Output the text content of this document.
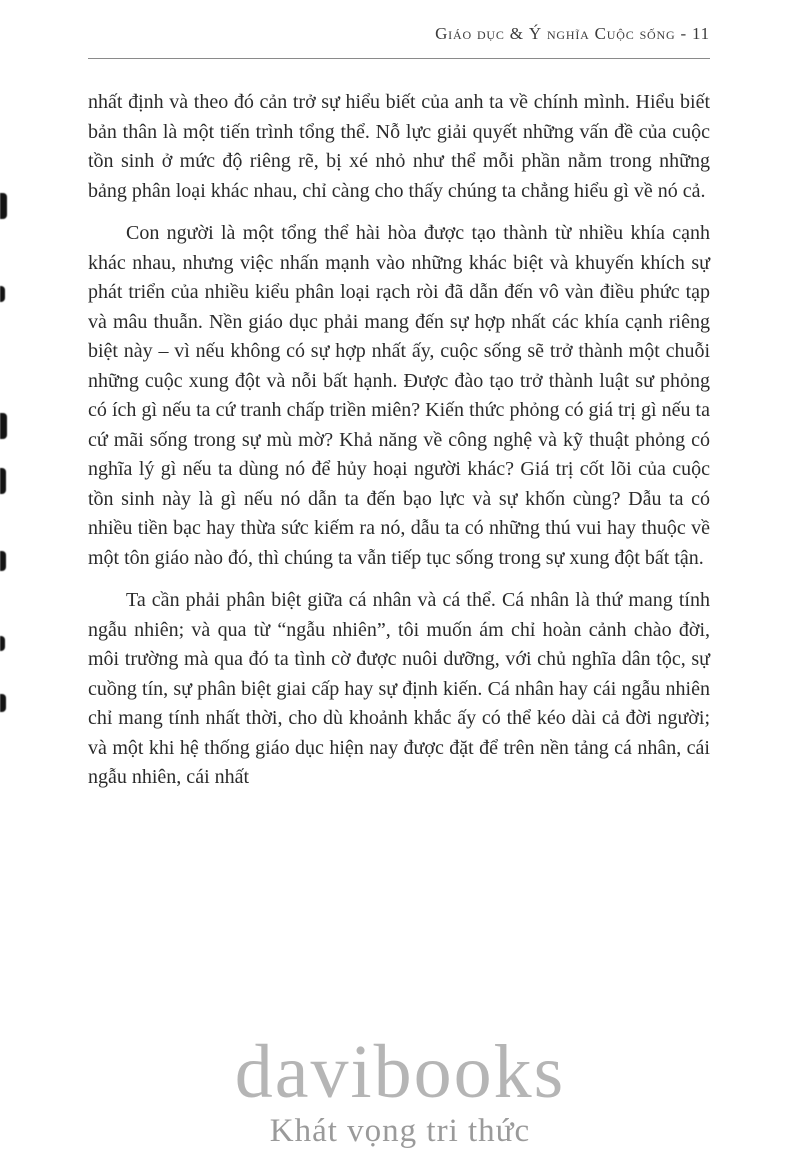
Giáo dục & Ý nghĩa Cuộc sống - 11

nhất định và theo đó cản trở sự hiểu biết của anh ta về chính mình. Hiểu biết bản thân là một tiến trình tổng thể. Nỗ lực giải quyết những vấn đề của cuộc tồn sinh ở mức độ riêng rẽ, bị xé nhỏ như thể mỗi phần nằm trong những bảng phân loại khác nhau, chỉ càng cho thấy chúng ta chẳng hiểu gì về nó cả.

Con người là một tổng thể hài hòa được tạo thành từ nhiều khía cạnh khác nhau, nhưng việc nhấn mạnh vào những khác biệt và khuyến khích sự phát triển của nhiều kiểu phân loại rạch ròi đã dẫn đến vô vàn điều phức tạp và mâu thuẫn. Nền giáo dục phải mang đến sự hợp nhất các khía cạnh riêng biệt này – vì nếu không có sự hợp nhất ấy, cuộc sống sẽ trở thành một chuỗi những cuộc xung đột và nỗi bất hạnh. Được đào tạo trở thành luật sư phỏng có ích gì nếu ta cứ tranh chấp triền miên? Kiến thức phỏng có giá trị gì nếu ta cứ mãi sống trong sự mù mờ? Khả năng về công nghệ và kỹ thuật phỏng có nghĩa lý gì nếu ta dùng nó để hủy hoại người khác? Giá trị cốt lõi của cuộc tồn sinh này là gì nếu nó dẫn ta đến bạo lực và sự khốn cùng? Dẫu ta có nhiều tiền bạc hay thừa sức kiếm ra nó, dẫu ta có những thú vui hay thuộc về một tôn giáo nào đó, thì chúng ta vẫn tiếp tục sống trong sự xung đột bất tận.

Ta cần phải phân biệt giữa cá nhân và cá thể. Cá nhân là thứ mang tính ngẫu nhiên; và qua từ “ngẫu nhiên”, tôi muốn ám chỉ hoàn cảnh chào đời, môi trường mà qua đó ta tình cờ được nuôi dưỡng, với chủ nghĩa dân tộc, sự cuồng tín, sự phân biệt giai cấp hay sự định kiến. Cá nhân hay cái ngẫu nhiên chỉ mang tính nhất thời, cho dù khoảnh khắc ấy có thể kéo dài cả đời người; và một khi hệ thống giáo dục hiện nay được đặt để trên nền tảng cá nhân, cái ngẫu nhiên, cái nhất

davibooks
Khát vọng tri thức
